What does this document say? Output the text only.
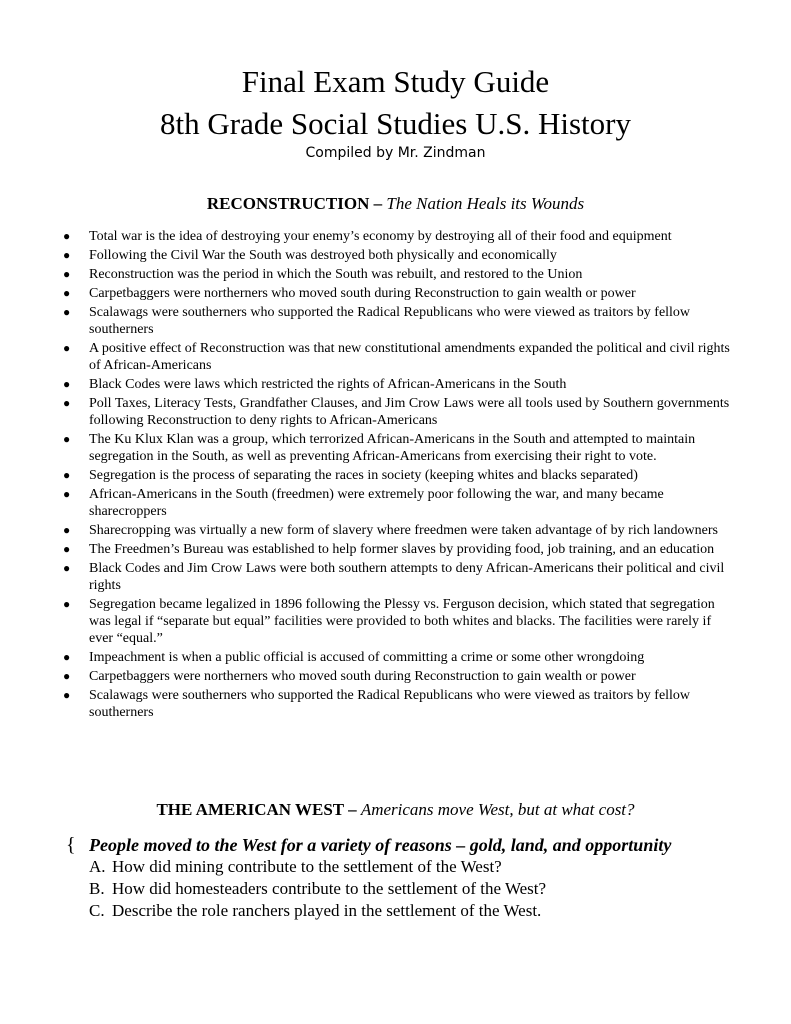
Final Exam Study Guide
8th Grade Social Studies U.S. History
Compiled by Mr. Zindman
RECONSTRUCTION – The Nation Heals its Wounds
● Total war is the idea of destroying your enemy’s economy by destroying all of their food and equipment
● Following the Civil War the South was destroyed both physically and economically
● Reconstruction was the period in which the South was rebuilt, and restored to the Union
● Carpetbaggers were northerners who moved south during Reconstruction to gain wealth or power
● Scalawags were southerners who supported the Radical Republicans who were viewed as traitors by fellow southerners
● A positive effect of Reconstruction was that new constitutional amendments expanded the political and civil rights of African-Americans
● Black Codes were laws which restricted the rights of African-Americans in the South
● Poll Taxes, Literacy Tests, Grandfather Clauses, and Jim Crow Laws were all tools used by Southern governments following Reconstruction to deny rights to African-Americans
● The Ku Klux Klan was a group, which terrorized African-Americans in the South and attempted to maintain segregation in the South, as well as preventing African-Americans from exercising their right to vote.
● Segregation is the process of separating the races in society (keeping whites and blacks separated)
● African-Americans in the South (freedmen) were extremely poor following the war, and many became sharecroppers
● Sharecropping was virtually a new form of slavery where freedmen were taken advantage of by rich landowners
● The Freedmen’s Bureau was established to help former slaves by providing food, job training, and an education
● Black Codes and Jim Crow Laws were both southern attempts to deny African-Americans their political and civil rights
● Segregation became legalized in 1896 following the Plessy vs. Ferguson decision, which stated that segregation was legal if “separate but equal” facilities were provided to both whites and blacks. The facilities were rarely if ever “equal.”
● Impeachment is when a public official is accused of committing a crime or some other wrongdoing
● Carpetbaggers were northerners who moved south during Reconstruction to gain wealth or power
● Scalawags were southerners who supported the Radical Republicans who were viewed as traitors by fellow southerners
THE AMERICAN WEST – Americans move West, but at what cost?
{ People moved to the West for a variety of reasons – gold, land, and opportunity
A. How did mining contribute to the settlement of the West?
B. How did homesteaders contribute to the settlement of the West?
C. Describe the role ranchers played in the settlement of the West.
